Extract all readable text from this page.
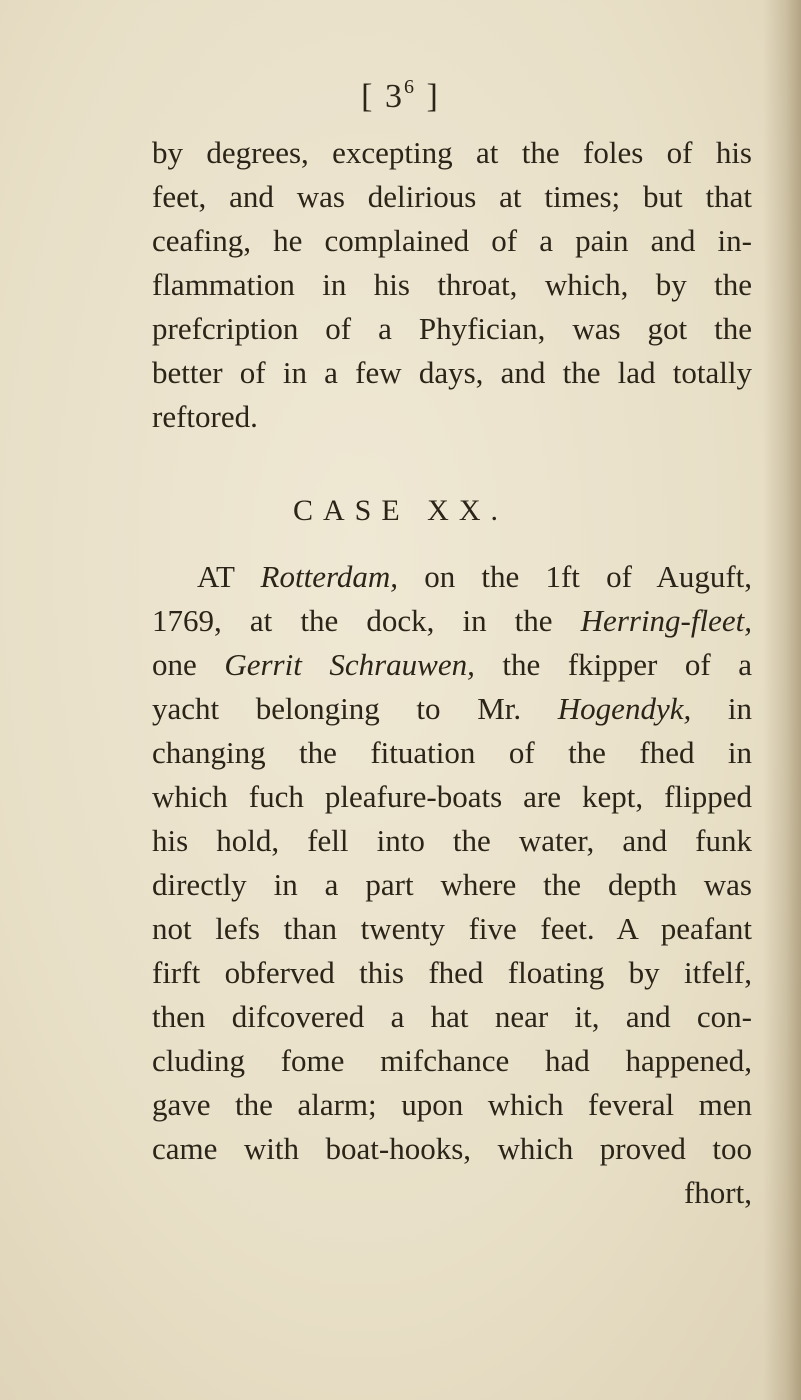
[ $3^6$ ]
by degrees, excepting at the foles of his
feet, and was delirious at times; but that
ceafing, he complained of a pain and in-
flammation in his throat, which, by the
prefcription of a Phyfician, was got the
better of in a few days, and the lad totally
reftored.
CASE XX.
AT Rotterdam, on the 1ft of Auguft,
1769, at the dock, in the Herring-fleet,
one Gerrit Schrauwen, the fkipper of a
yacht belonging to Mr. Hogendyk, in
changing the fituation of the fhed in
which fuch pleafure-boats are kept, flipped
his hold, fell into the water, and funk
directly in a part where the depth was
not lefs than twenty five feet. A peafant
firft obferved this fhed floating by itfelf,
then difcovered a hat near it, and con-
cluding fome mifchance had happened,
gave the alarm; upon which feveral men
came with boat-hooks, which proved too
fhort,
